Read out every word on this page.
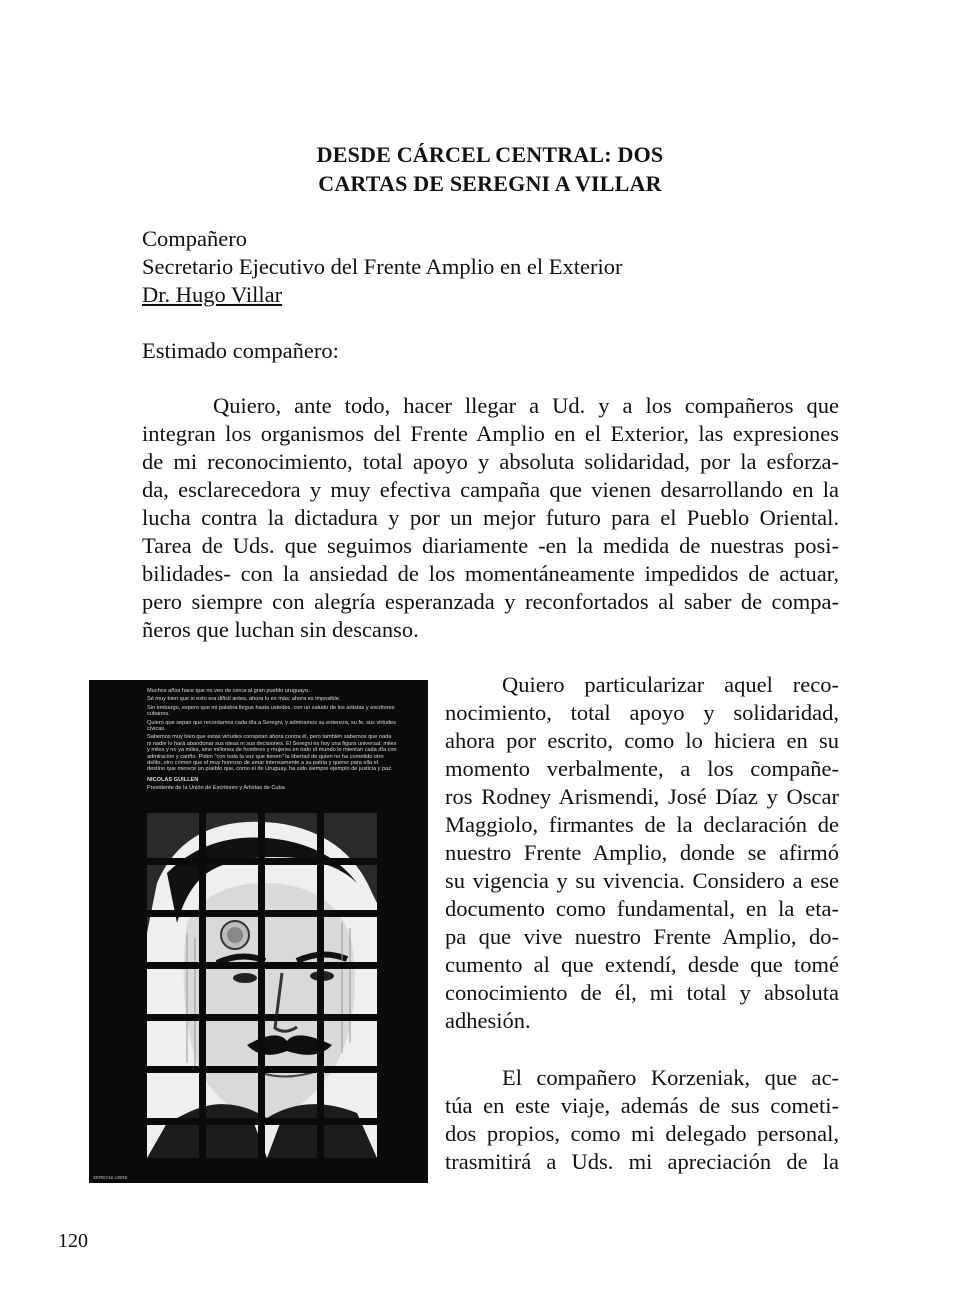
DESDE CÁRCEL CENTRAL: DOS
CARTAS DE SEREGNI A VILLAR
Compañero
Secretario Ejecutivo del Frente Amplio en el Exterior
Dr. Hugo Villar
Estimado compañero:
Quiero, ante todo, hacer llegar a Ud. y a los compañeros que
integran los organismos del Frente Amplio en el Exterior, las expresiones
de mi reconocimiento, total apoyo y absoluta solidaridad, por la esforza-
da, esclarecedora y muy efectiva campaña que vienen desarrollando en la
lucha contra la dictadura y por un mejor futuro para el Pueblo Oriental.
Tarea de Uds. que seguimos diariamente -en la medida de nuestras posi-
bilidades- con la ansiedad de los momentáneamente impedidos de actuar,
pero siempre con alegría esperanzada y reconfortados al saber de compa-
ñeros que luchan sin descanso.

Muchos años hace que no veo de cerca al gran pueblo uruguayo.

Sé muy bien que si esto era difícil antes, ahora lo es más; ahora es imposible.

Sin embargo, espero que mi palabra llegue hasta ustedes, con un saludo de los artistas y escritores cubanos.

Quiero que sepan que recordamos cada día a Seregni, y admiramos su entereza, su fe, sus virtudes cívicas.

Sabemos muy bien que estas virtudes conspiran ahora contra él, pero también sabemos que nada ni nadie lo hará abandonar sus ideas ni sus decisiones. El Seregni es hoy una figura universal; miles y miles y no ya miles, sino millones de hombres y mujeres en todo el mundo lo mientan cada día con admiración y cariño. Piden "con toda la voz que tienen" la libertad de quien no ha cometido otro delito, otro crimen que el muy honroso de amar intensamente a su patria y querer para ella el destino que merece un pueblo que, como el de Uruguay, ha sido siempre ejemplo de justicia y paz.

NICOLAS GUILLEN

Presidente de la Unión de Escritores y Artistas de Cuba

SEREGNI LIBRE
Quiero particularizar aquel reco-
nocimiento, total apoyo y solidaridad,
ahora por escrito, como lo hiciera en su
momento verbalmente, a los compañe-
ros Rodney Arismendi, José Díaz y Oscar
Maggiolo, firmantes de la declaración de
nuestro Frente Amplio, donde se afirmó
su vigencia y su vivencia. Considero a ese
documento como fundamental, en la eta-
pa que vive nuestro Frente Amplio, do-
cumento al que extendí, desde que tomé
conocimiento de él, mi total y absoluta
adhesión.
El compañero Korzeniak, que ac-
túa en este viaje, además de sus cometi-
dos propios, como mi delegado personal,
trasmitirá a Uds. mi apreciación de la
120
